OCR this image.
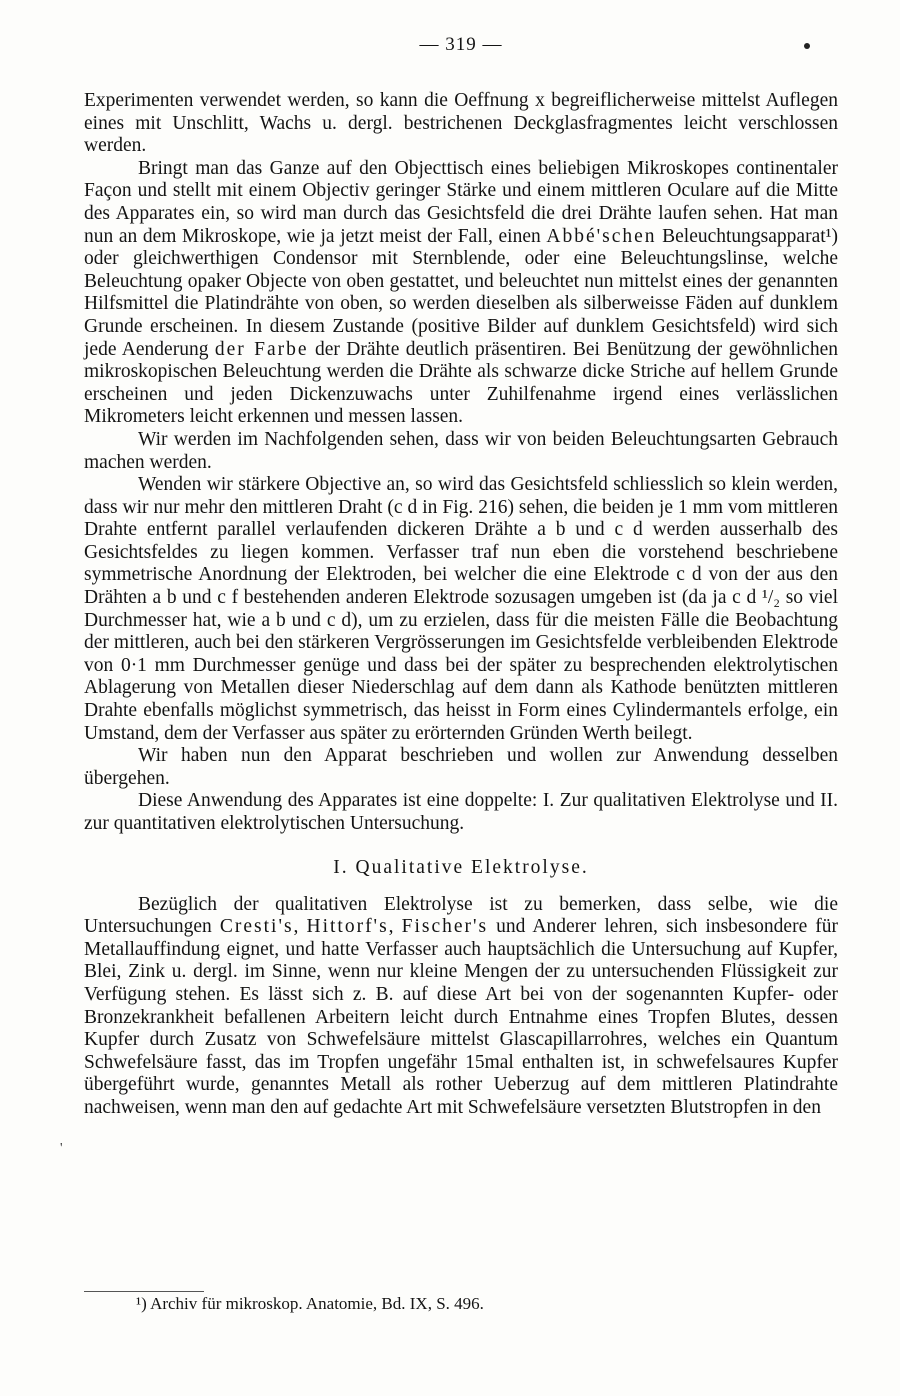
— 319 —

Experimenten verwendet werden, so kann die Oeffnung x begreiflicherweise mittelst Auflegen eines mit Unschlitt, Wachs u. dergl. bestrichenen Deckglasfragmentes leicht verschlossen werden.

Bringt man das Ganze auf den Objecttisch eines beliebigen Mikroskopes continentaler Façon und stellt mit einem Objectiv geringer Stärke und einem mittleren Oculare auf die Mitte des Apparates ein, so wird man durch das Gesichtsfeld die drei Drähte laufen sehen. Hat man nun an dem Mikroskope, wie ja jetzt meist der Fall, einen Abbé'schen Beleuchtungsapparat¹) oder gleichwerthigen Condensor mit Sternblende, oder eine Beleuchtungslinse, welche Beleuchtung opaker Objecte von oben gestattet, und beleuchtet nun mittelst eines der genannten Hilfsmittel die Platindrähte von oben, so werden dieselben als silberweisse Fäden auf dunklem Grunde erscheinen. In diesem Zustande (positive Bilder auf dunklem Gesichtsfeld) wird sich jede Aenderung der Farbe der Drähte deutlich präsentiren. Bei Benützung der gewöhnlichen mikroskopischen Beleuchtung werden die Drähte als schwarze dicke Striche auf hellem Grunde erscheinen und jeden Dickenzuwachs unter Zuhilfenahme irgend eines verlässlichen Mikrometers leicht erkennen und messen lassen.

Wir werden im Nachfolgenden sehen, dass wir von beiden Beleuchtungsarten Gebrauch machen werden.

Wenden wir stärkere Objective an, so wird das Gesichtsfeld schliesslich so klein werden, dass wir nur mehr den mittleren Draht (c d in Fig. 216) sehen, die beiden je 1 mm vom mittleren Drahte entfernt parallel verlaufenden dickeren Drähte a b und c d werden ausserhalb des Gesichtsfeldes zu liegen kommen. Verfasser traf nun eben die vorstehend beschriebene symmetrische Anordnung der Elektroden, bei welcher die eine Elektrode c d von der aus den Drähten a b und c f bestehenden anderen Elektrode sozusagen umgeben ist (da ja c d ¹/₂ so viel Durchmesser hat, wie a b und c d), um zu erzielen, dass für die meisten Fälle die Beobachtung der mittleren, auch bei den stärkeren Vergrösserungen im Gesichtsfelde verbleibenden Elektrode von 0·1 mm Durchmesser genüge und dass bei der später zu besprechenden elektrolytischen Ablagerung von Metallen dieser Niederschlag auf dem dann als Kathode benützten mittleren Drahte ebenfalls möglichst symmetrisch, das heisst in Form eines Cylindermantels erfolge, ein Umstand, dem der Verfasser aus später zu erörternden Gründen Werth beilegt.

Wir haben nun den Apparat beschrieben und wollen zur Anwendung desselben übergehen.

Diese Anwendung des Apparates ist eine doppelte: I. Zur qualitativen Elektrolyse und II. zur quantitativen elektrolytischen Untersuchung.

I. Qualitative Elektrolyse.

Bezüglich der qualitativen Elektrolyse ist zu bemerken, dass selbe, wie die Untersuchungen Cresti's, Hittorf's, Fischer's und Anderer lehren, sich insbesondere für Metallauffindung eignet, und hatte Verfasser auch hauptsächlich die Untersuchung auf Kupfer, Blei, Zink u. dergl. im Sinne, wenn nur kleine Mengen der zu untersuchenden Flüssigkeit zur Verfügung stehen. Es lässt sich z. B. auf diese Art bei von der sogenannten Kupfer- oder Bronzekrankheit befallenen Arbeitern leicht durch Entnahme eines Tropfen Blutes, dessen Kupfer durch Zusatz von Schwefelsäure mittelst Glascapillarrohres, welches ein Quantum Schwefelsäure fasst, das im Tropfen ungefähr 15mal enthalten ist, in schwefelsaures Kupfer übergeführt wurde, genanntes Metall als rother Ueberzug auf dem mittleren Platindrahte nachweisen, wenn man den auf gedachte Art mit Schwefelsäure versetzten Blutstropfen in den

'
¹) Archiv für mikroskop. Anatomie, Bd. IX, S. 496.
